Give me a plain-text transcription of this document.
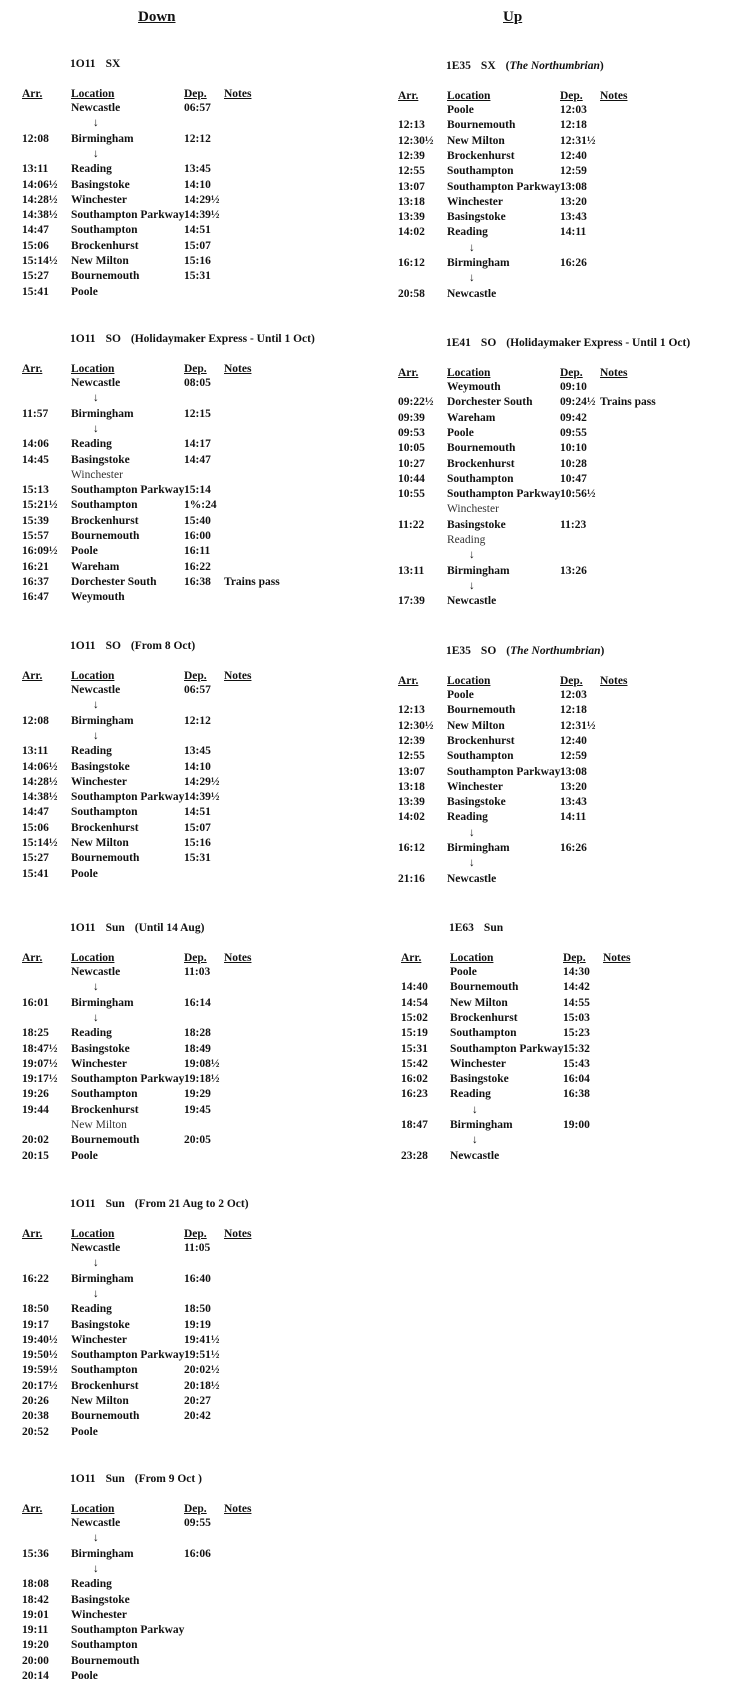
Down	Up
1O11 SX
Arr. Location	Dep. Notes
Newcastle	06:57
↓
12:08 Birmingham	12:12
↓
13:11 Reading	13:45
14:06½ Basingstoke	14:10
14:28½ Winchester	14:29½
14:38½ Southampton Parkway 14:39½
14:47 Southampton	14:51
15:06 Brockenhurst	15:07
15:14½ New Milton	15:16
15:27 Bournemouth	15:31
15:41 Poole
1O11 SO (Holidaymaker Express - Until 1 Oct)
Arr. Location	Dep. Notes
Newcastle	08:05
↓
11:57 Birmingham	12:15
↓
14:06 Reading	14:17
14:45 Basingstoke	14:47
Winchester
15:13 Southampton Parkway 15:14
15:21½ Southampton	1%:24
15:39 Brockenhurst	15:40
15:57 Bournemouth	16:00
16:09½ Poole	16:11
16:21 Wareham	16:22
16:37 Dorchester South 16:38 Trains pass
16:47 Weymouth
1O11 SO (From 8 Oct)
Arr. Location	Dep. Notes
Newcastle	06:57
↓
12:08 Birmingham	12:12
↓
13:11 Reading	13:45
14:06½ Basingstoke	14:10
14:28½ Winchester	14:29½
14:38½ Southampton Parkway 14:39½
14:47 Southampton	14:51
15:06 Brockenhurst	15:07
15:14½ New Milton	15:16
15:27 Bournemouth	15:31
15:41 Poole
1O11 Sun (Until 14 Aug)
Arr. Location	Dep. Notes
Newcastle	11:03
↓
16:01 Birmingham	16:14
↓
18:25 Reading	18:28
18:47½ Basingstoke	18:49
19:07½ Winchester	19:08½
19:17½ Southampton Parkway 19:18½
19:26 Southampton	19:29
19:44 Brockenhurst	19:45
New Milton
20:02 Bournemouth	20:05
20:15 Poole
1O11 Sun (From 21 Aug to 2 Oct)
Arr. Location	Dep. Notes
Newcastle	11:05
↓
16:22 Birmingham	16:40
↓
18:50 Reading	18:50
19:17 Basingstoke	19:19
19:40½ Winchester	19:41½
19:50½ Southampton Parkway 19:51½
19:59½ Southampton	20:02½
20:17½ Brockenhurst	20:18½
20:26 New Milton	20:27
20:38 Bournemouth	20:42
20:52 Poole
1O11 Sun (From 9 Oct )
Arr. Location	Dep. Notes
Newcastle	09:55
↓
15:36 Birmingham	16:06
↓
18:08 Reading
18:42 Basingstoke
19:01 Winchester
19:11 Southampton Parkway
19:20 Southampton
20:00 Bournemouth
20:14 Poole
1E35 SX (The Northumbrian)
Arr. Location	Dep. Notes
Poole	12:03
12:13 Bournemouth	12:18
12:30½ New Milton	12:31½
12:39 Brockenhurst	12:40
12:55 Southampton	12:59
13:07 Southampton Parkway 13:08
13:18 Winchester	13:20
13:39 Basingstoke	13:43
14:02 Reading	14:11
↓
16:12 Birmingham	16:26
↓
20:58 Newcastle
1E41 SO (Holidaymaker Express - Until 1 Oct)
Arr. Location	Dep. Notes
Weymouth	09:10
09:22½ Dorchester South 09:24½ Trains pass
09:39 Wareham	09:42
09:53 Poole	09:55
10:05 Bournemouth	10:10
10:27 Brockenhurst	10:28
10:44 Southampton	10:47
10:55 Southampton Parkway 10:56½
Winchester
11:22 Basingstoke	11:23
Reading
↓
13:11 Birmingham	13:26
↓
17:39 Newcastle
1E35 SO (The Northumbrian)
Arr. Location	Dep. Notes
Poole	12:03
12:13 Bournemouth	12:18
12:30½ New Milton	12:31½
12:39 Brockenhurst	12:40
12:55 Southampton	12:59
13:07 Southampton Parkway 13:08
13:18 Winchester	13:20
13:39 Basingstoke	13:43
14:02 Reading	14:11
↓
16:12 Birmingham	16:26
↓
21:16 Newcastle
1E63 Sun
Arr. Location	Dep. Notes
Poole	14:30
14:40 Bournemouth	14:42
14:54 New Milton	14:55
15:02 Brockenhurst	15:03
15:19 Southampton	15:23
15:31 Southampton Parkway 15:32
15:42 Winchester	15:43
16:02 Basingstoke	16:04
16:23 Reading	16:38
↓
18:47 Birmingham	19:00
↓
23:28 Newcastle
